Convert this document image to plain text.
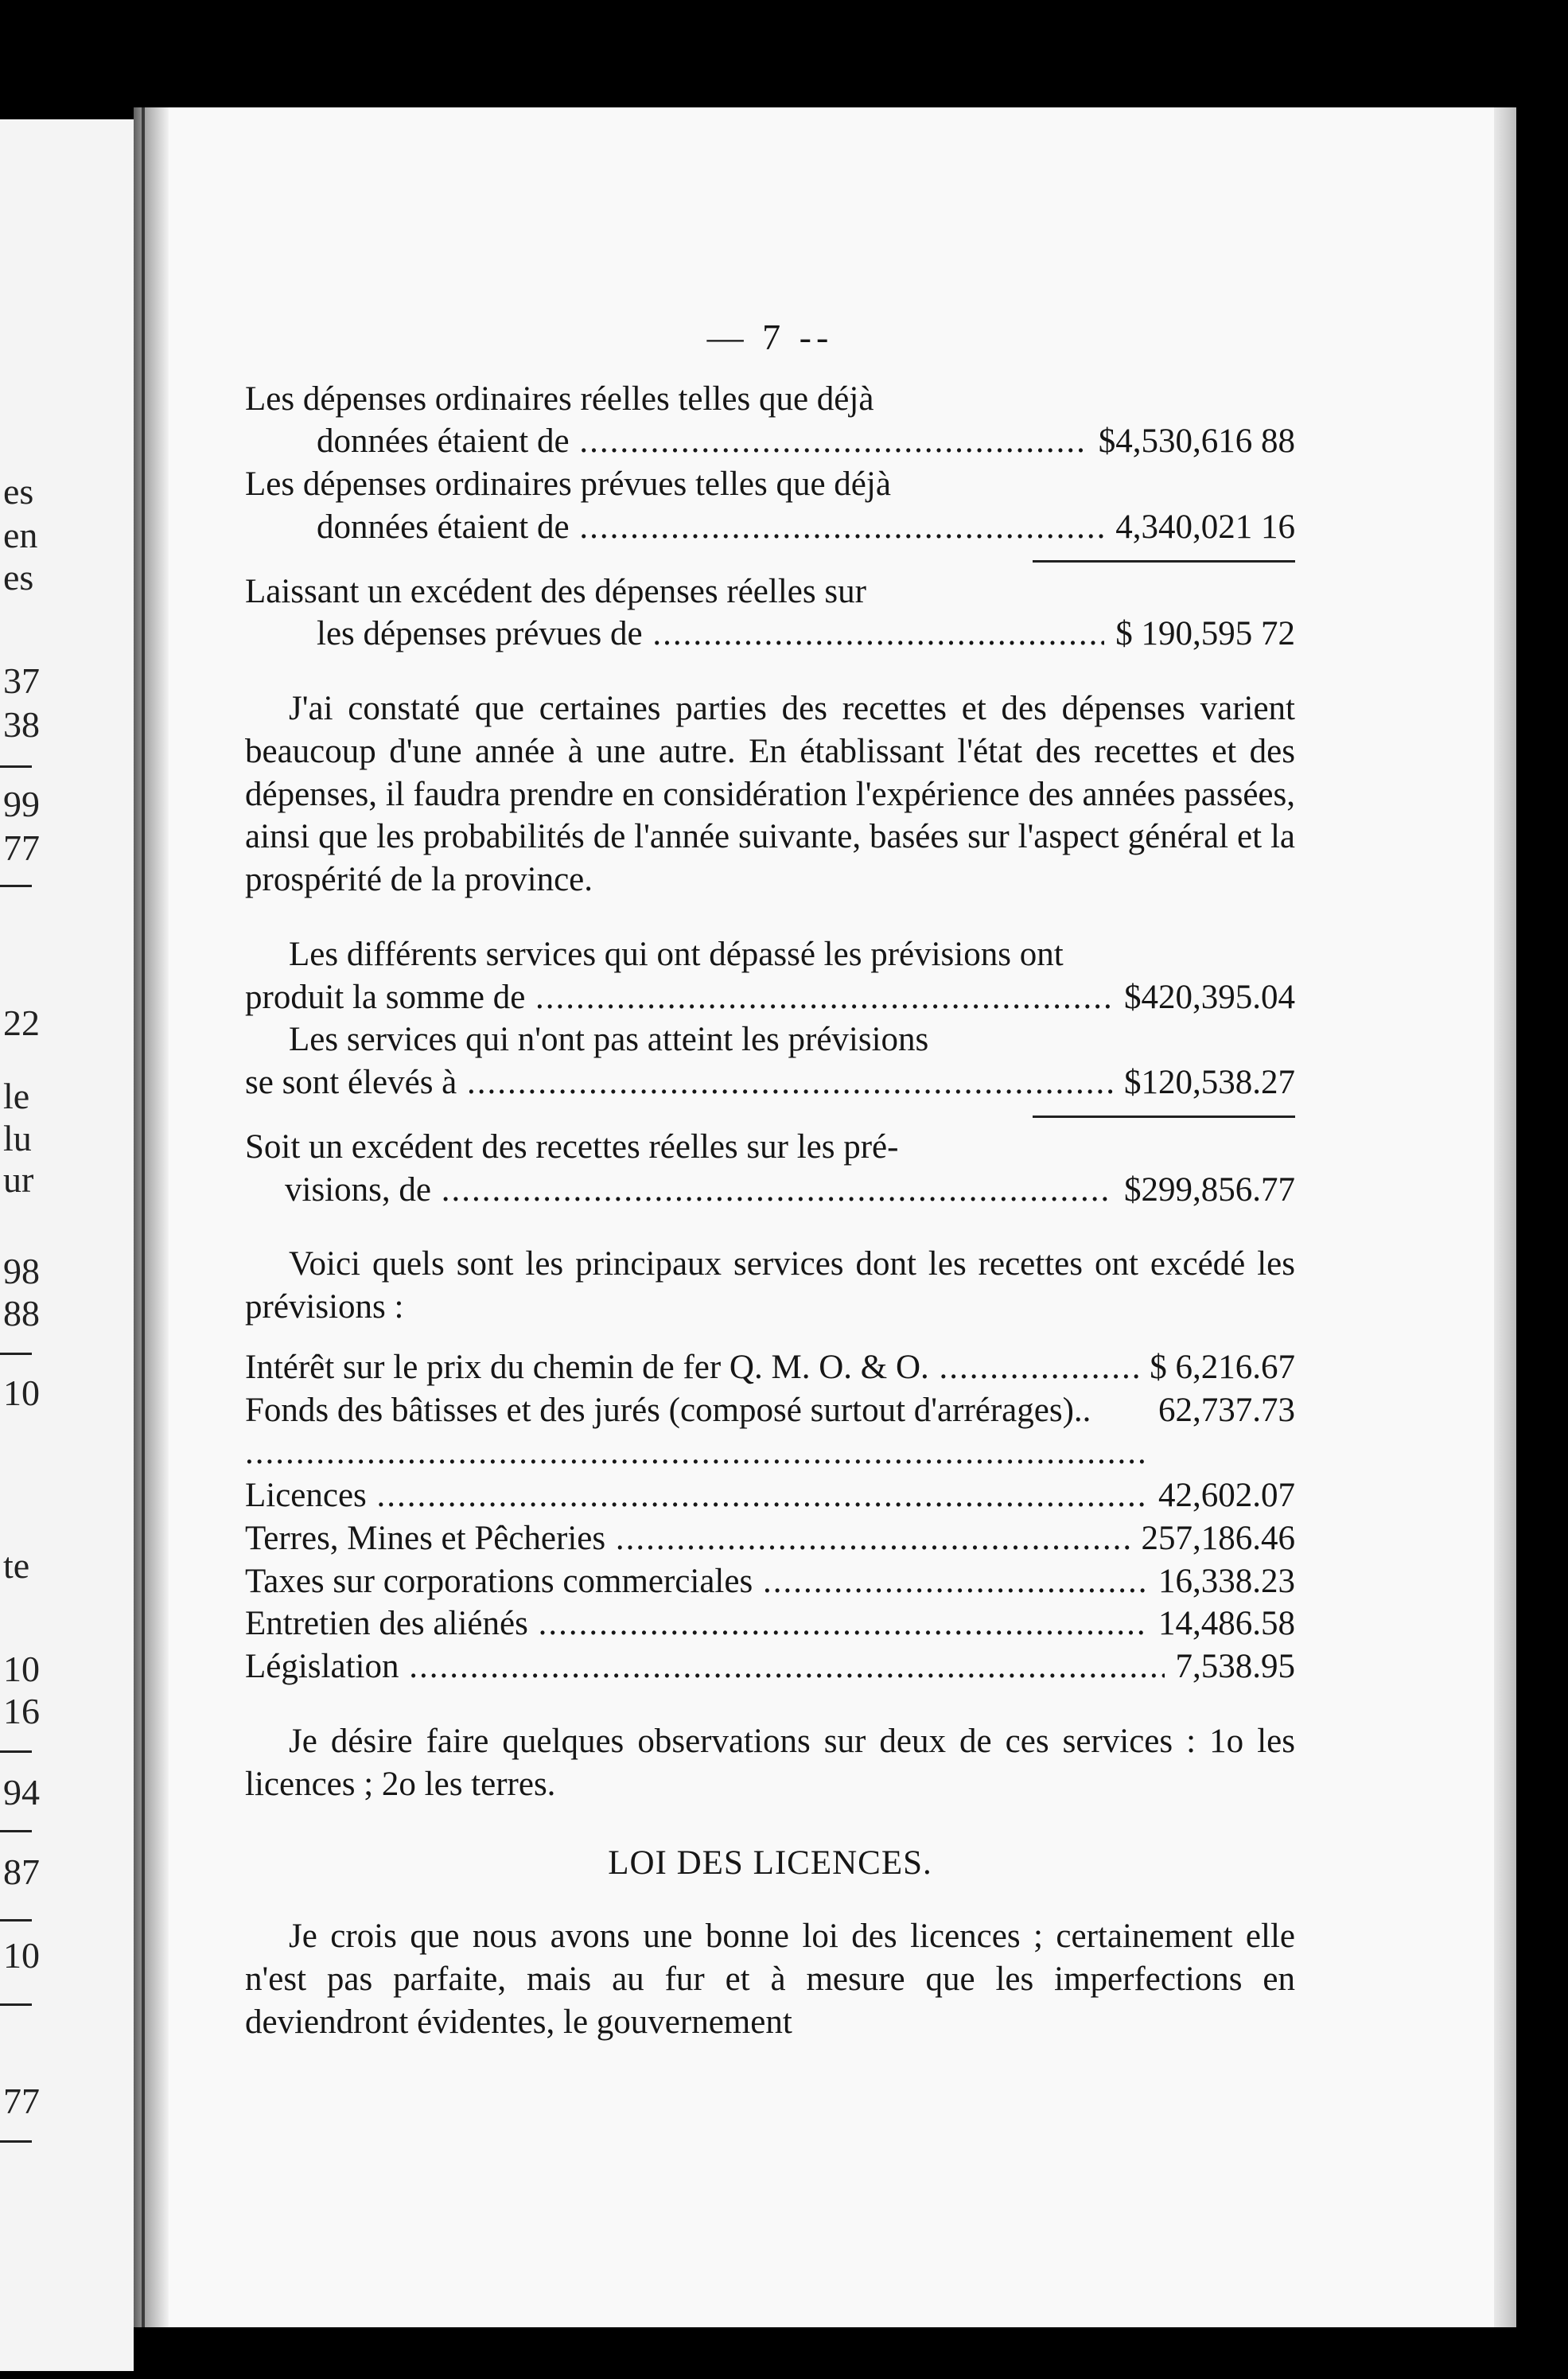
es
en
es
37
38
99
77
22
le
lu
ur
98
88
10
te
10
16
94
87
10
77
— 7 --
Les dépenses ordinaires réelles telles que déjà
données étaient de .....	$4,530,616 88
Les dépenses ordinaires prévues telles que déjà
données étaient de .....	4,340,021 16
Laissant un excédent des dépenses réelles sur
les dépenses prévues de .....	$ 190,595 72

J'ai constaté que certaines parties des recettes et des dépenses varient beaucoup d'une année à une autre. En établissant l'état des recettes et des dépenses, il faudra prendre en considération l'expérience des années passées, ainsi que les probabilités de l'année suivante, basées sur l'aspect général et la prospérité de la province.

Les différents services qui ont dépassé les prévisions ont
produit la somme de .....	$420,395.04
Les services qui n'ont pas atteint les prévisions
se sont élevés à .....	$120,538.27
Soit un excédent des recettes réelles sur les pré-
visions, de .....	$299,856.77

Voici quels sont les principaux services dont les recettes ont excédé les prévisions :

Intérêt sur le prix du chemin de fer Q. M. O. & O. .....	$ 6,216.67
Fonds des bâtisses et des jurés (composé surtout d'arrérages).. .....	62,737.73
Licences .....	42,602.07
Terres, Mines et Pêcheries .....	257,186.46
Taxes sur corporations commerciales .....	16,338.23
Entretien des aliénés .....	14,486.58
Législation .....	7,538.95

Je désire faire quelques observations sur deux de ces services : 1o les licences ; 2o les terres.

LOI DES LICENCES.

Je crois que nous avons une bonne loi des licences ; certainement elle n'est pas parfaite, mais au fur et à mesure que les imperfections en deviendront évidentes, le gouvernement
